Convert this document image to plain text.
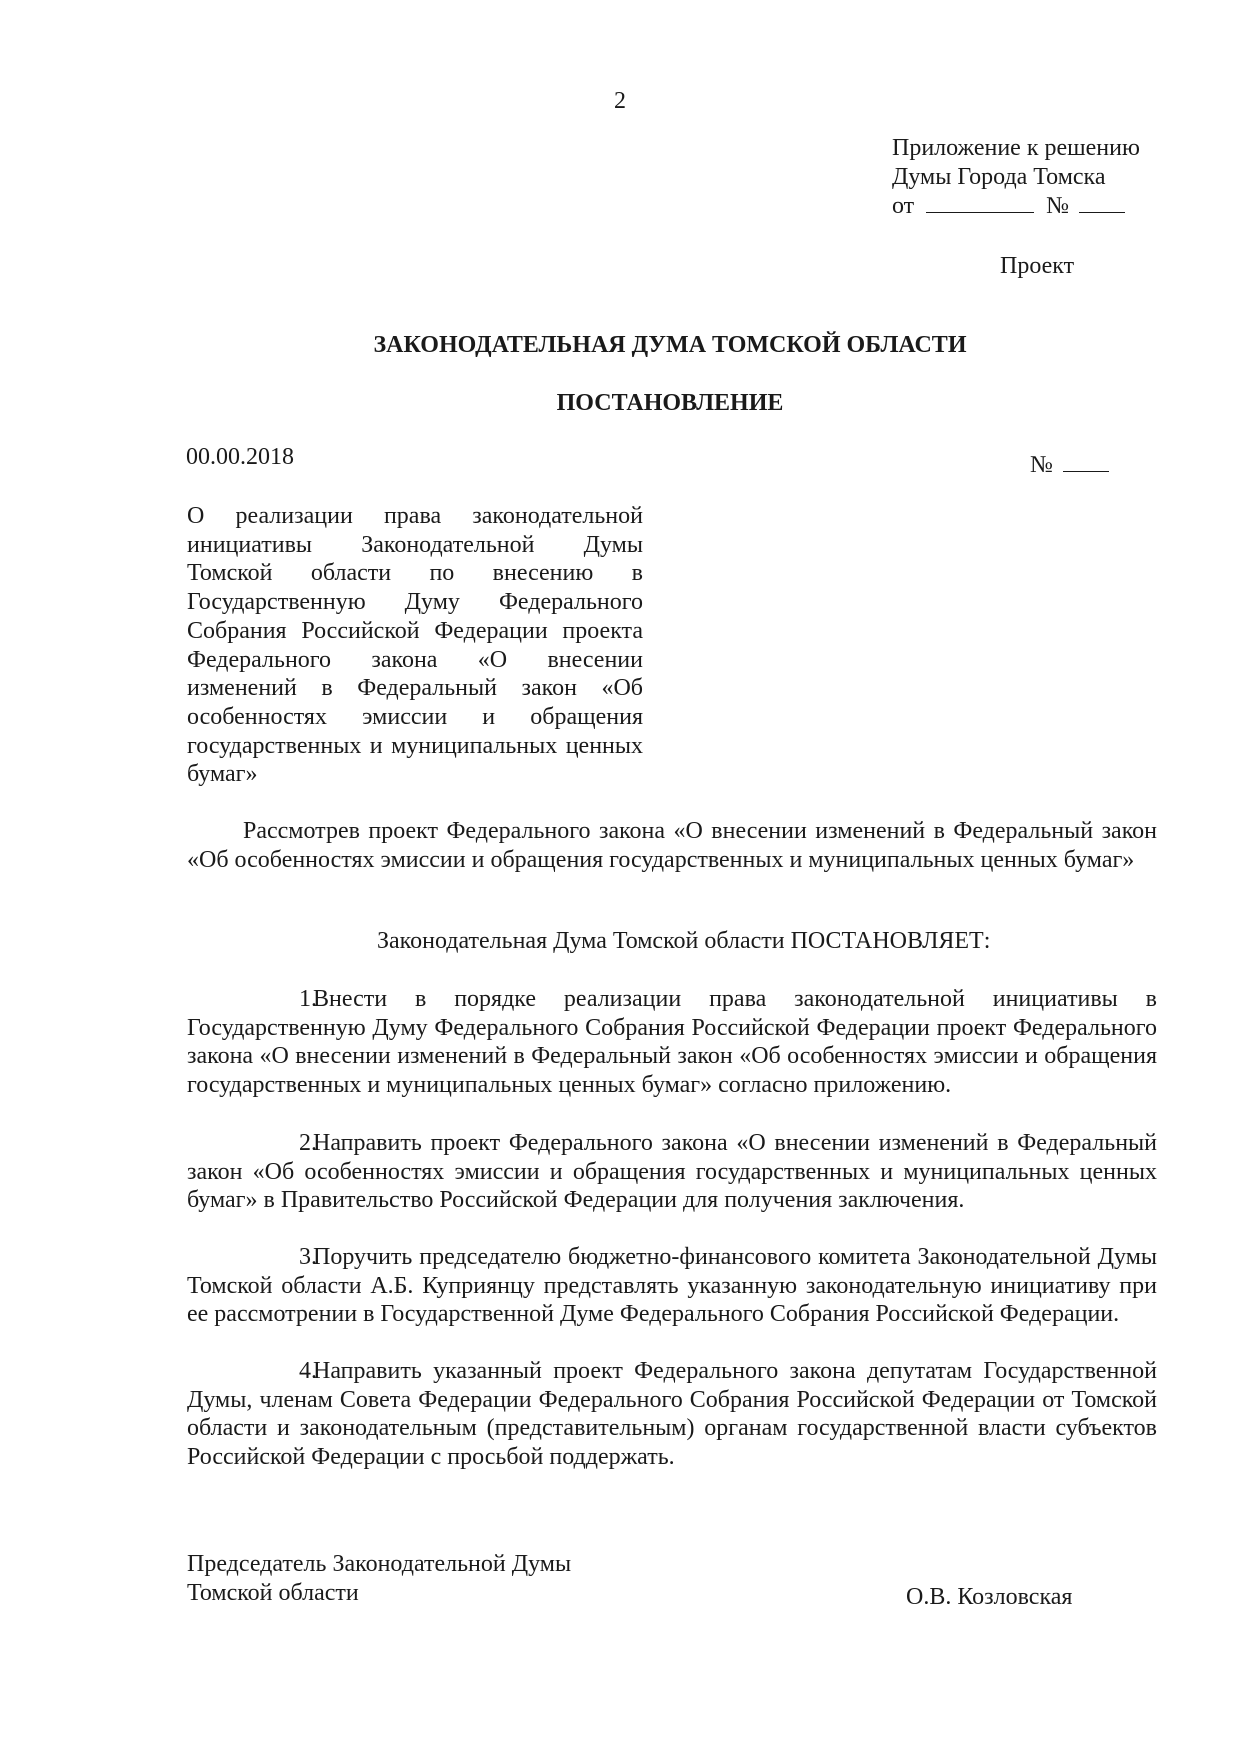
2
Приложение к решению
Думы Города Томска
от	№
Проект
ЗАКОНОДАТЕЛЬНАЯ ДУМА ТОМСКОЙ ОБЛАСТИ
ПОСТАНОВЛЕНИЕ
00.00.2018	№
О реализации права законодательной инициативы Законодательной Думы Томской области по внесению в Государственную Думу Федерального Собрания Российской Федерации проекта Федерального закона «О внесении изменений в Федеральный закон «Об особенностях эмиссии и обращения государственных и муниципальных ценных бумаг»
Рассмотрев проект Федерального закона «О внесении изменений в Федеральный закон «Об особенностях эмиссии и обращения государственных и муниципальных ценных бумаг»
Законодательная Дума Томской области ПОСТАНОВЛЯЕТ:
1.Внести в порядке реализации права законодательной инициативы в Государственную Думу Федерального Собрания Российской Федерации проект Федерального закона «О внесении изменений в Федеральный закон «Об особенностях эмиссии и обращения государственных и муниципальных ценных бумаг» согласно приложению.
2.Направить проект Федерального закона «О внесении изменений в Федеральный закон «Об особенностях эмиссии и обращения государственных и муниципальных ценных бумаг» в Правительство Российской Федерации для получения заключения.
3.Поручить председателю бюджетно-финансового комитета Законодательной Думы Томской области А.Б. Куприянцу представлять указанную законодательную инициативу при ее рассмотрении в Государственной Думе Федерального Собрания Российской Федерации.
4.Направить указанный проект Федерального закона депутатам Государственной Думы, членам Совета Федерации Федерального Собрания Российской Федерации от Томской области и законодательным (представительным) органам государственной власти субъектов Российской Федерации с просьбой поддержать.
Председатель Законодательной Думы
Томской области	О.В. Козловская
